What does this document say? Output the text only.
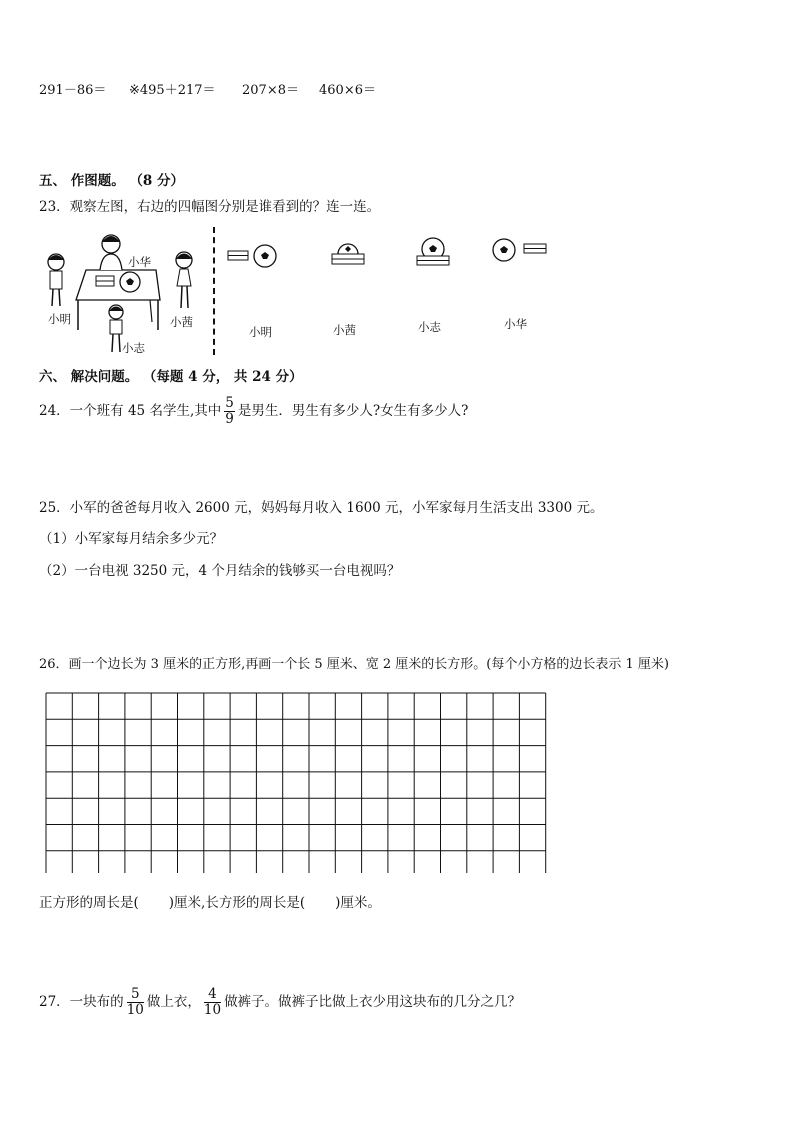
291－86＝ ※495＋217＝ 207×8＝ 460×6＝
五、 作图题。 （8 分）
23．观察左图，右边的四幅图分别是谁看到的？连一连。
小华
小明	小茜
小志
小明	小茜	小志	小华
六、 解决问题。 （每题 4 分， 共 24 分）
24．一个班有 45 名学生,其中 $\frac{5}{9}$ 是男生．男生有多少人?女生有多少人?
25．小军的爸爸每月收入 2600 元，妈妈每月收入 1600 元，小军家每月生活支出 3300 元。
（1）小军家每月结余多少元？
（2）一台电视 3250 元，4 个月结余的钱够买一台电视吗？
26．画一个边长为 3 厘米的正方形,再画一个长 5 厘米、宽 2 厘米的长方形。(每个小方格的边长表示 1 厘米)
正方形的周长是( )厘米,长方形的周长是( )厘米。
27．一块布的 $\frac{5}{10}$ 做上衣， $\frac{4}{10}$ 做裤子。做裤子比做上衣少用这块布的几分之几？
